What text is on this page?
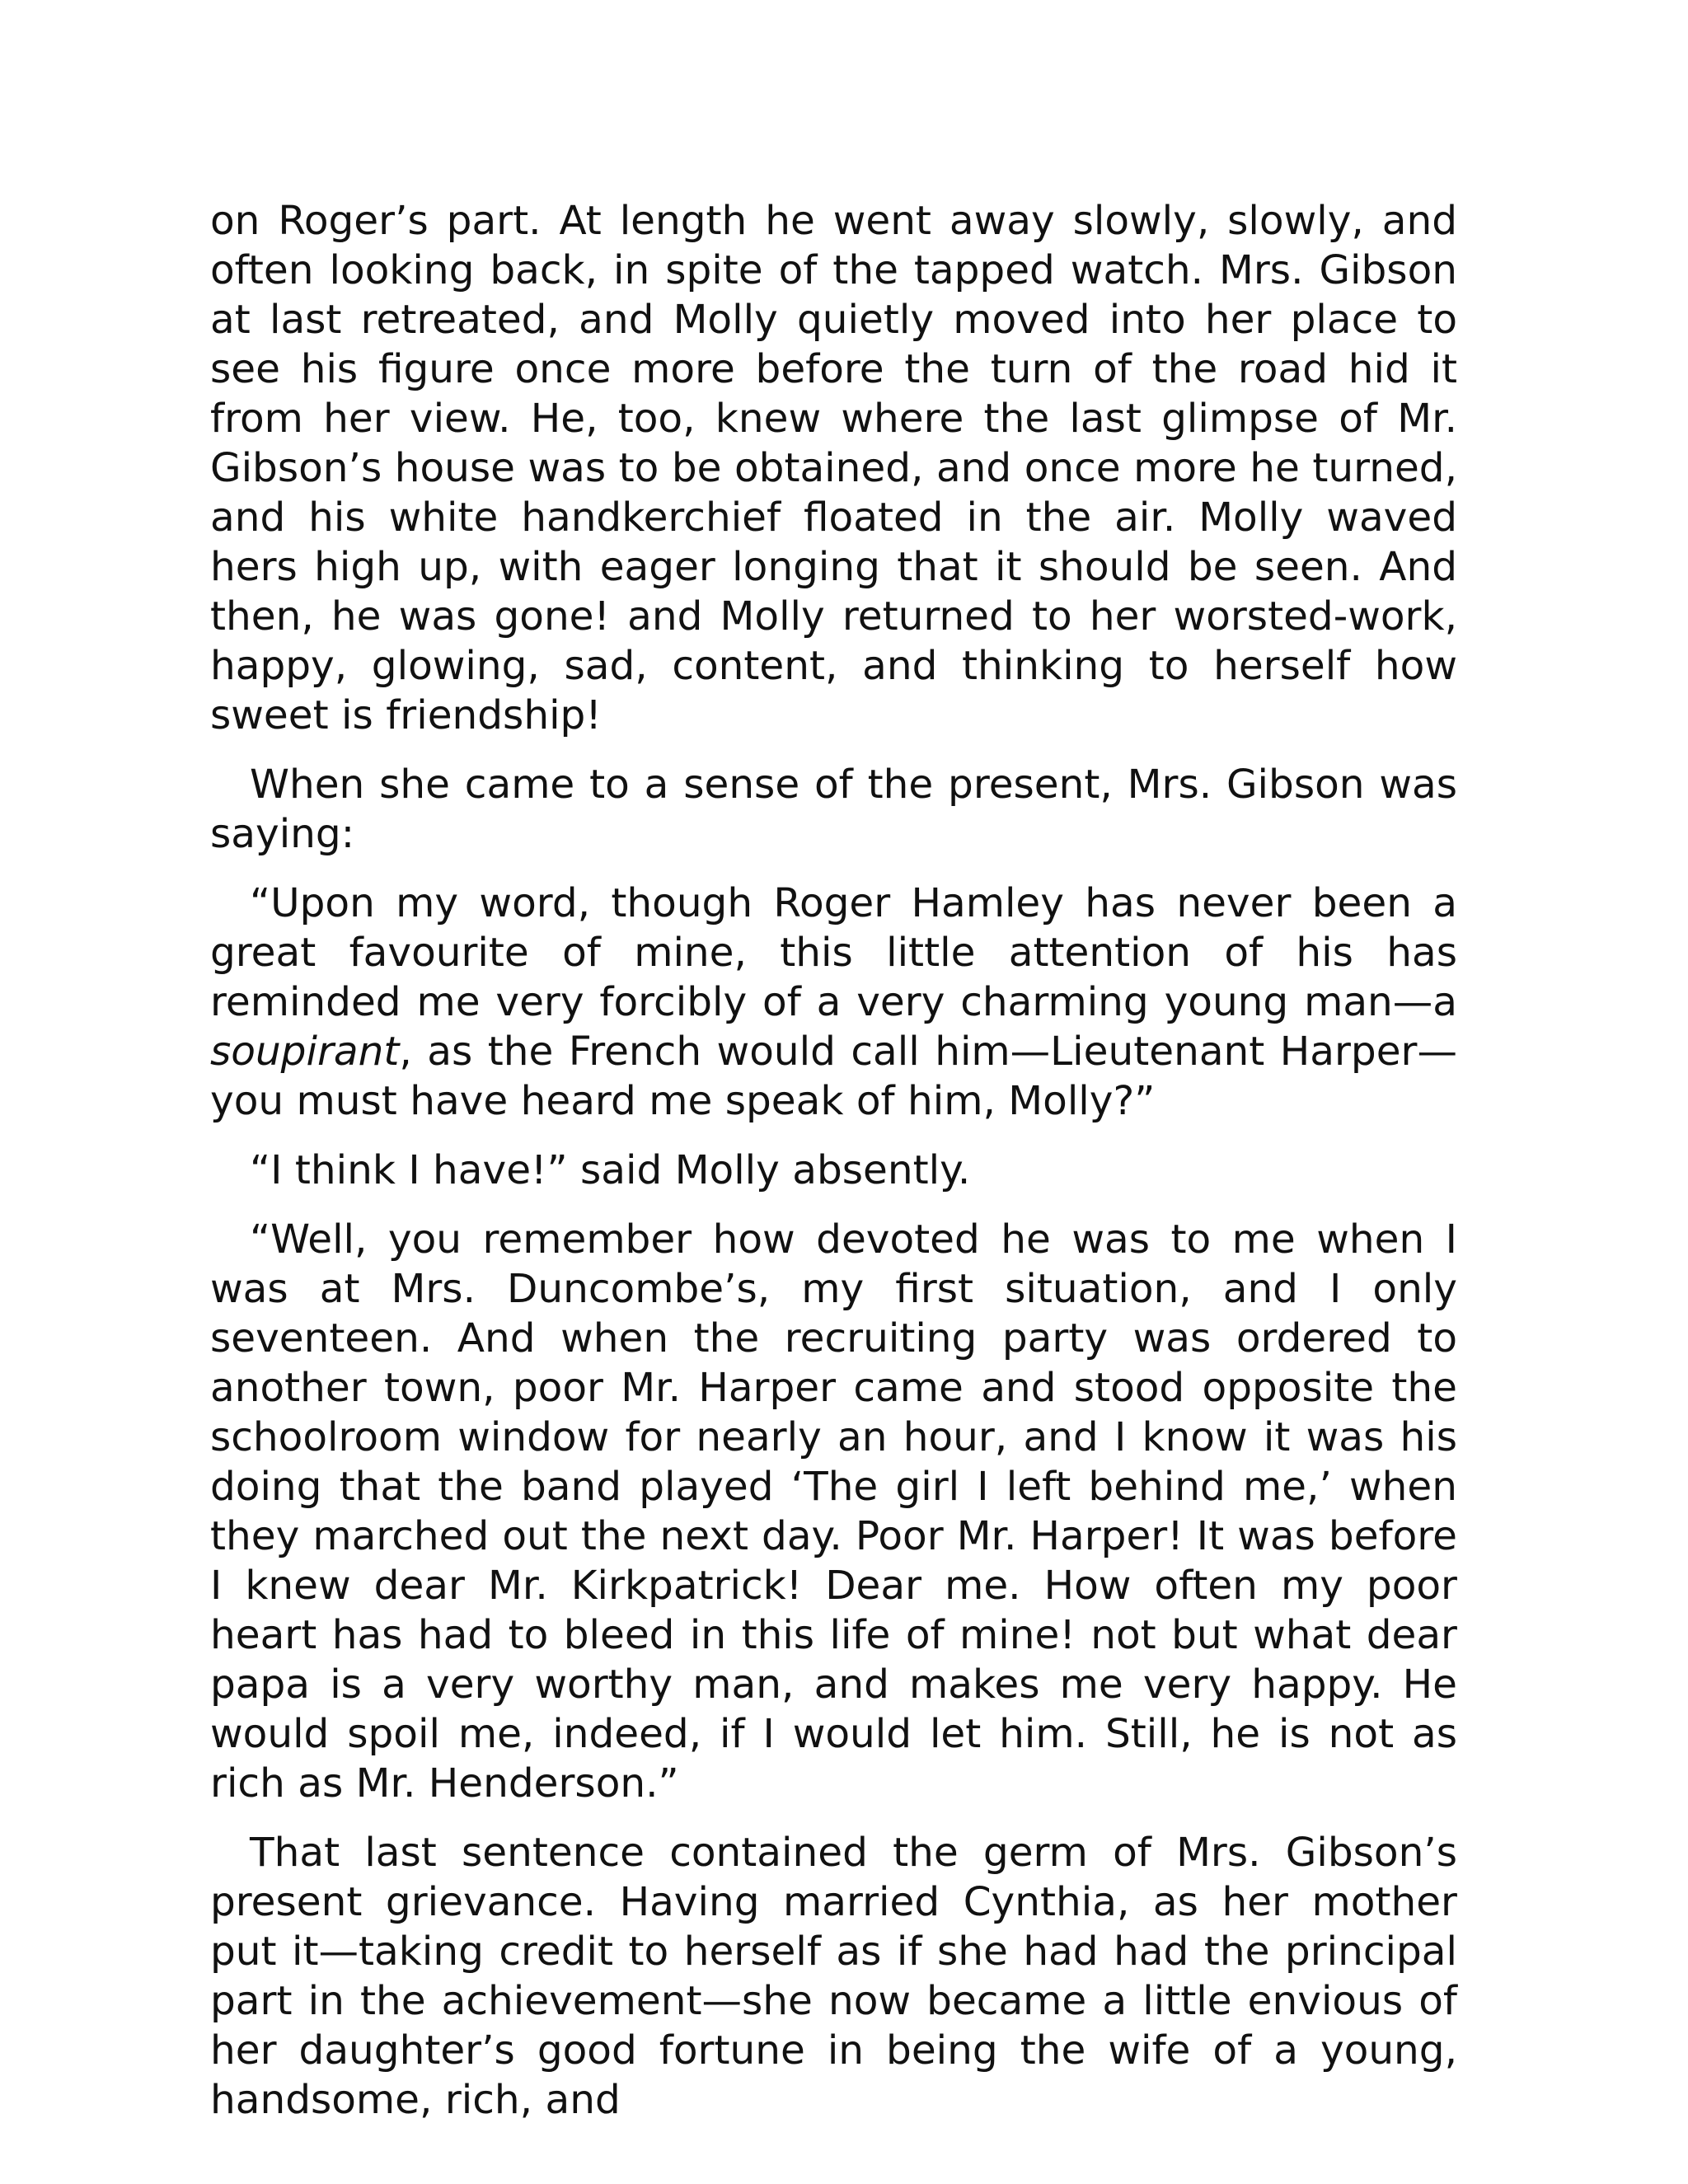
on Roger’s part. At length he went away slowly, slowly, and often looking back, in spite of the tapped watch. Mrs. Gibson at last retreated, and Molly quietly moved into her place to see his figure once more before the turn of the road hid it from her view. He, too, knew where the last glimpse of Mr. Gibson’s house was to be obtained, and once more he turned, and his white handkerchief floated in the air. Molly waved hers high up, with eager longing that it should be seen. And then, he was gone! and Molly returned to her worsted-work, happy, glowing, sad, content, and thinking to herself how sweet is friendship!

When she came to a sense of the present, Mrs. Gibson was saying:

“Upon my word, though Roger Hamley has never been a great favourite of mine, this little attention of his has reminded me very forcibly of a very charming young man—a soupirant, as the French would call him—Lieutenant Harper—you must have heard me speak of him, Molly?”

“I think I have!” said Molly absently.

“Well, you remember how devoted he was to me when I was at Mrs. Duncombe’s, my first situation, and I only seventeen. And when the recruiting party was ordered to another town, poor Mr. Harper came and stood opposite the schoolroom window for nearly an hour, and I know it was his doing that the band played ‘The girl I left behind me,’ when they marched out the next day. Poor Mr. Harper! It was before I knew dear Mr. Kirkpatrick! Dear me. How often my poor heart has had to bleed in this life of mine! not but what dear papa is a very worthy man, and makes me very happy. He would spoil me, indeed, if I would let him. Still, he is not as rich as Mr. Henderson.”

That last sentence contained the germ of Mrs. Gibson’s present grievance. Having married Cynthia, as her mother put it—taking credit to herself as if she had had the principal part in the achievement—she now became a little envious of her daughter’s good fortune in being the wife of a young, handsome, rich, and
